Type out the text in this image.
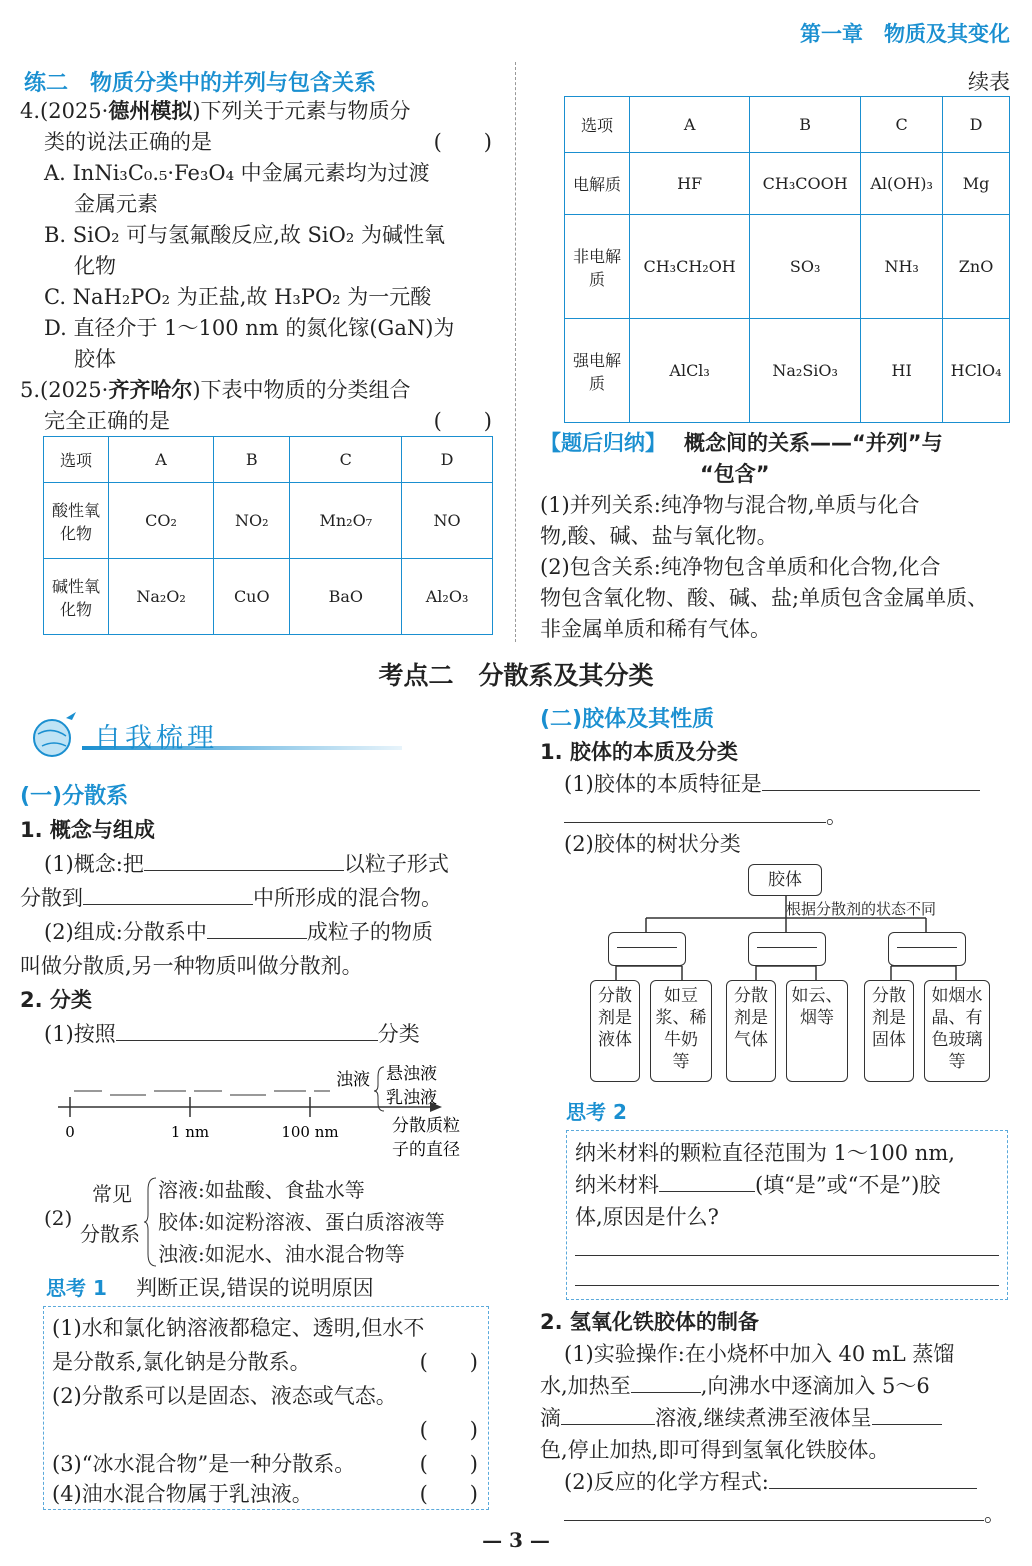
第一章　物质及其变化
练二　物质分类中的并列与包含关系
4.(2025·德州模拟)下列关于元素与物质分
类的说法正确的是	(　　)
A. InNi₃C₀.₅·Fe₃O₄ 中金属元素均为过渡
金属元素
B. SiO₂ 可与氢氟酸反应,故 SiO₂ 为碱性氧
化物
C. NaH₂PO₂ 为正盐,故 H₃PO₂ 为一元酸
D. 直径介于 1～100 nm 的氮化镓(GaN)为
胶体
5.(2025·齐齐哈尔)下表中物质的分类组合
完全正确的是	(　　)
选项	A	B	C	D
酸性氧化物	CO₂	NO₂	Mn₂O₇	NO
碱性氧化物	Na₂O₂	CuO	BaO	Al₂O₃
续表
选项	A	B	C	D
电解质	HF	CH₃COOH	Al(OH)₃	Mg
非电解质	CH₃CH₂OH	SO₃	NH₃	ZnO
强电解质	AlCl₃	Na₂SiO₃	HI	HClO₄
【题后归纳】 概念间的关系——“并列”与
“包含”
(1)并列关系:纯净物与混合物,单质与化合
物,酸、碱、盐与氧化物。
(2)包含关系:纯净物包含单质和化合物,化合
物包含氧化物、酸、碱、盐;单质包含金属单质、
非金属单质和稀有气体。
考点二　分散系及其分类
自我梳理
(一)分散系
1. 概念与组成
(1)概念:把	以粒子形式
分散到	中所形成的混合物。
(2)组成:分散系中	成粒子的物质
叫做分散质,另一种物质叫做分散剂。
2. 分类
(1)按照	分类
0	1 nm	100 nm
浊液 悬浊液
乳浊液
分散质粒
子的直径
(2)
常见
分散系
溶液:如盐酸、食盐水等
胶体:如淀粉溶液、蛋白质溶液等
浊液:如泥水、油水混合物等
思考 1 判断正误,错误的说明原因
(1)水和氯化钠溶液都稳定、透明,但水不
是分散系,氯化钠是分散系。	(　　)
(2)分散系可以是固态、液态或气态。
(　　)
(3)“冰水混合物”是一种分散系。	(　　)
(4)油水混合物属于乳浊液。	(　　)
(二)胶体及其性质
1. 胶体的本质及分类
(1)胶体的本质特征是
。
(2)胶体的树状分类
胶体
根据分散剂的状态不同
分散
剂是
液体
如豆
浆、稀
牛奶
等
分散
剂是
气体
如云、
烟等
分散
剂是
固体
如烟水
晶、有
色玻璃
等
思考 2
纳米材料的颗粒直径范围为 1～100 nm,
纳米材料	(填“是”或“不是”)胶
体,原因是什么?
2. 氢氧化铁胶体的制备
(1)实验操作:在小烧杯中加入 40 mL 蒸馏
水,加热至	,向沸水中逐滴加入 5～6
滴	溶液,继续煮沸至液体呈
色,停止加热,即可得到氢氧化铁胶体。
(2)反应的化学方程式:
。
— 3 —
